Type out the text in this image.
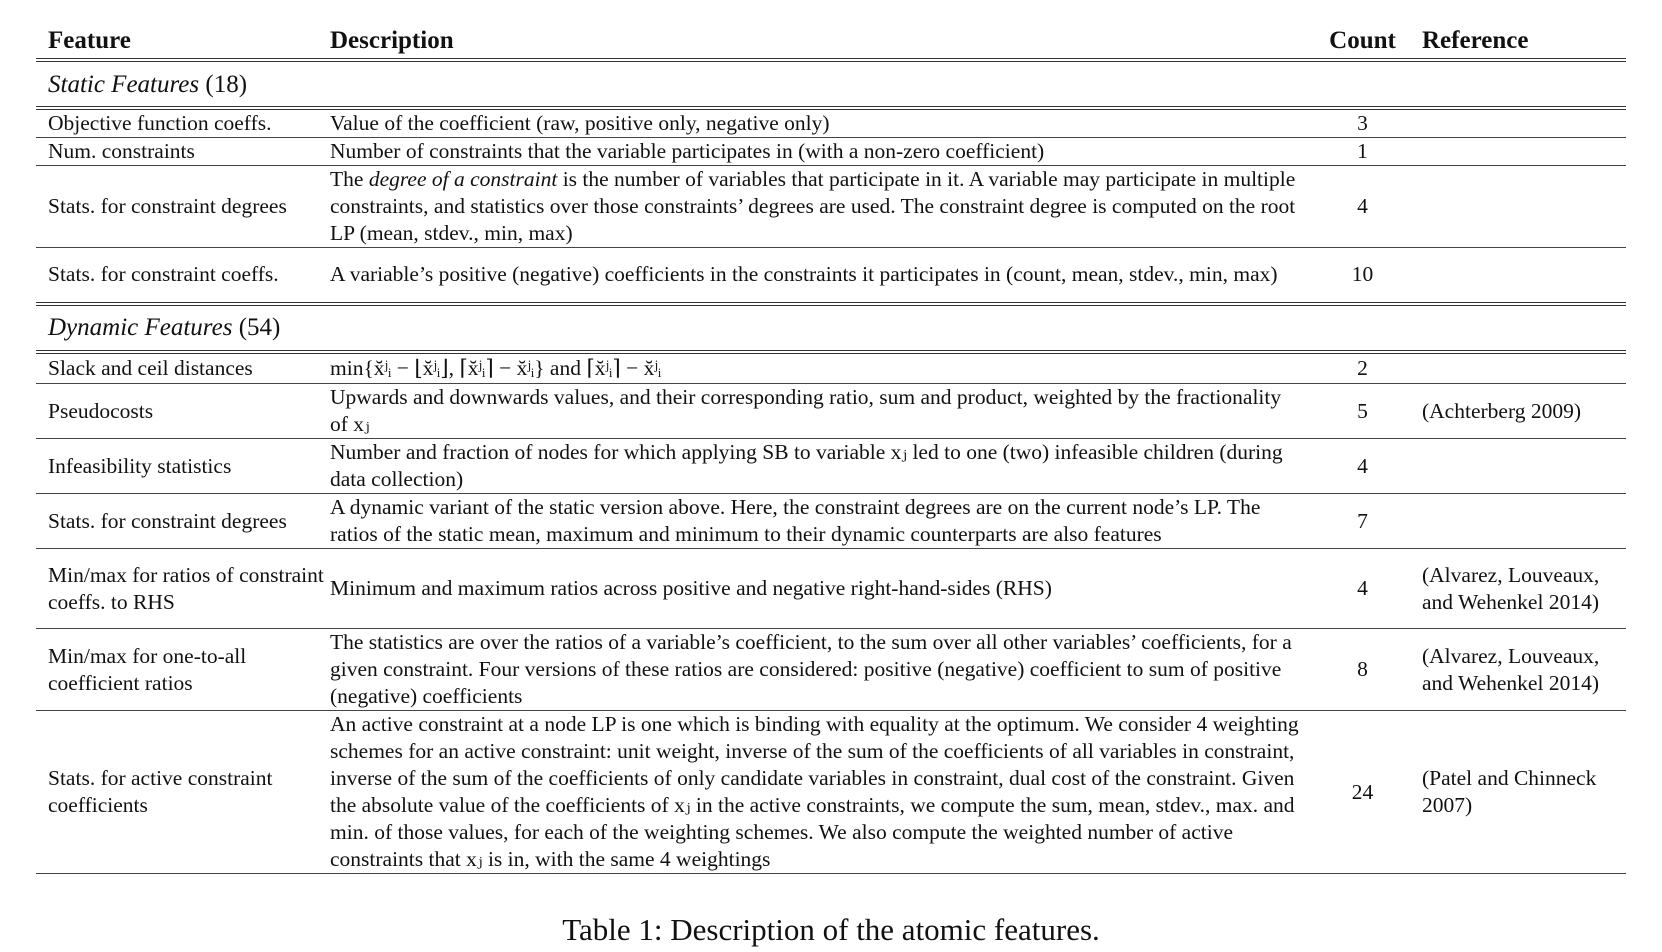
Feature	Description	Count	Reference
Static Features (18)			
Objective function coeffs.	Value of the coefficient (raw, positive only, negative only)	3	
Num. constraints	Number of constraints that the variable participates in (with a non-zero coefficient)	1	
Stats. for constraint degrees	The degree of a constraint is the number of variables that participate in it. A variable may participate in multiple constraints, and statistics over those constraints’ degrees are used. The constraint degree is computed on the root LP (mean, stdev., min, max)	4	
Stats. for constraint coeffs.	A variable’s positive (negative) coefficients in the constraints it participates in (count, mean, stdev., min, max)	10	
Dynamic Features (54)			
Slack and ceil distances	min{x̆ʲᵢ − ⌊x̆ʲᵢ⌋, ⌈x̆ʲᵢ⌉ − x̆ʲᵢ} and ⌈x̆ʲᵢ⌉ − x̆ʲᵢ	2	
Pseudocosts	Upwards and downwards values, and their corresponding ratio, sum and product, weighted by the fractionality of xⱼ	5	(Achterberg 2009)
Infeasibility statistics	Number and fraction of nodes for which applying SB to variable xⱼ led to one (two) infeasible children (during data collection)	4	
Stats. for constraint degrees	A dynamic variant of the static version above. Here, the constraint degrees are on the current node’s LP. The ratios of the static mean, maximum and minimum to their dynamic counterparts are also features	7	
Min/max for ratios of constraint coeffs. to RHS	Minimum and maximum ratios across positive and negative right-hand-sides (RHS)	4	(Alvarez, Louveaux, and Wehenkel 2014)
Min/max for one-to-all coefficient ratios	The statistics are over the ratios of a variable’s coefficient, to the sum over all other variables’ coefficients, for a given constraint. Four versions of these ratios are considered: positive (negative) coefficient to sum of positive (negative) coefficients	8	(Alvarez, Louveaux, and Wehenkel 2014)
Stats. for active constraint coefficients	An active constraint at a node LP is one which is binding with equality at the optimum. We consider 4 weighting schemes for an active constraint: unit weight, inverse of the sum of the coefficients of all variables in constraint, inverse of the sum of the coefficients of only candidate variables in constraint, dual cost of the constraint. Given the absolute value of the coefficients of xⱼ in the active constraints, we compute the sum, mean, stdev., max. and min. of those values, for each of the weighting schemes. We also compute the weighted number of active constraints that xⱼ is in, with the same 4 weightings	24	(Patel and Chinneck 2007)
Table 1: Description of the atomic features.
